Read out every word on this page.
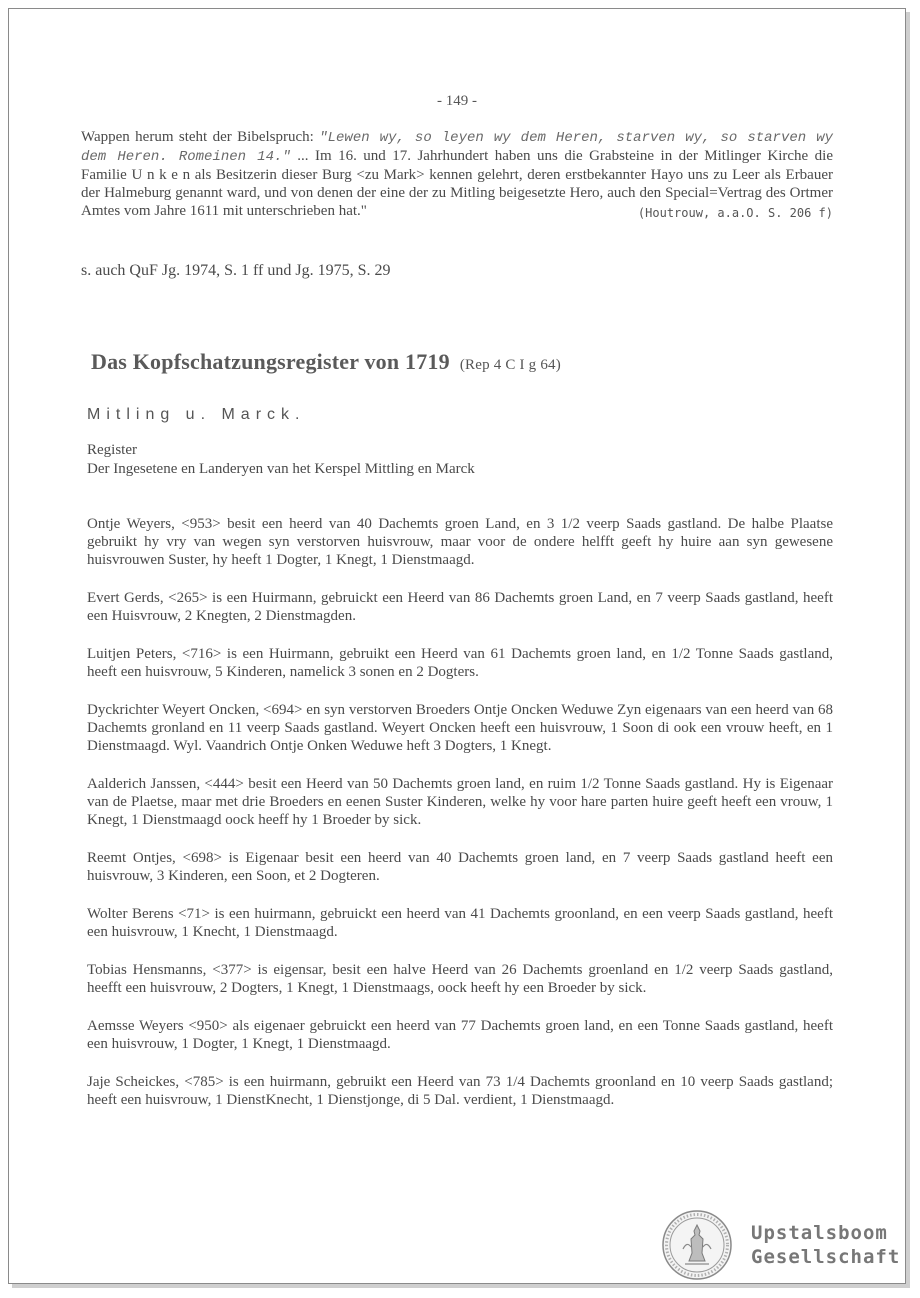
- 149 -
Wappen herum steht der Bibelspruch: "Lewen wy, so leyen wy dem Heren, starven wy, so starven wy dem Heren. Romeinen 14." ... Im 16. und 17. Jahrhundert haben uns die Grabsteine in der Mitlinger Kirche die Familie U n k e n als Besitzerin dieser Burg <zu Mark> kennen gelehrt, deren erstbekannter Hayo uns zu Leer als Erbauer der Halmeburg genannt ward, und von denen der eine der zu Mitling beigesetzte Hero, auch den Special=Vertrag des Ortmer Amtes vom Jahre 1611 mit unterschrieben hat."	(Houtrouw, a.a.O. S. 206 f)
s. auch QuF Jg. 1974, S. 1 ff und Jg. 1975, S. 29
Das Kopfschatzungsregister von 1719 (Rep 4 C I g 64)
Mitling u. Marck.
Register
Der Ingesetene en Landeryen van het Kerspel Mittling en Marck

Ontje Weyers, <953> besit een heerd van 40 Dachemts groen Land, en 3 1/2 veerp Saads gastland. De halbe Plaatse gebruikt hy vry van wegen syn verstorven huisvrouw, maar voor de ondere helfft geeft hy huire aan syn gewesene huisvrouwen Suster, hy heeft 1 Dogter, 1 Knegt, 1 Dienstmaagd.

Evert Gerds, <265> is een Huirmann, gebruickt een Heerd van 86 Dachemts groen Land, en 7 veerp Saads gastland, heeft een Huisvrouw, 2 Knegten, 2 Dienstmagden.

Luitjen Peters, <716> is een Huirmann, gebruikt een Heerd van 61 Dachemts groen land, en 1/2 Tonne Saads gastland, heeft een huisvrouw, 5 Kinderen, namelick 3 sonen en 2 Dogters.

Dyckrichter Weyert Oncken, <694> en syn verstorven Broeders Ontje Oncken Weduwe Zyn eigenaars van een heerd van 68 Dachemts gronland en 11 veerp Saads gastland. Weyert Oncken heeft een huisvrouw, 1 Soon di ook een vrouw heeft, en 1 Dienstmaagd. Wyl. Vaandrich Ontje Onken Weduwe heft 3 Dogters, 1 Knegt.

Aalderich Janssen, <444> besit een Heerd van 50 Dachemts groen land, en ruim 1/2 Tonne Saads gastland. Hy is Eigenaar van de Plaetse, maar met drie Broeders en eenen Suster Kinderen, welke hy voor hare parten huire geeft heeft een vrouw, 1 Knegt, 1 Dienstmaagd oock heeff hy 1 Broeder by sick.

Reemt Ontjes, <698> is Eigenaar besit een heerd van 40 Dachemts groen land, en 7 veerp Saads gastland heeft een huisvrouw, 3 Kinderen, een Soon, et 2 Dogteren.

Wolter Berens <71> is een huirmann, gebruickt een heerd van 41 Dachemts groonland, en een veerp Saads gastland, heeft een huisvrouw, 1 Knecht, 1 Dienstmaagd.

Tobias Hensmanns, <377> is eigensar, besit een halve Heerd van 26 Dachemts groenland en 1/2 veerp Saads gastland, heefft een huisvrouw, 2 Dogters, 1 Knegt, 1 Dienstmaags, oock heeft hy een Broeder by sick.

Aemsse Weyers <950> als eigenaer gebruickt een heerd van 77 Dachemts groen land, en een Tonne Saads gastland, heeft een huisvrouw, 1 Dogter, 1 Knegt, 1 Dienstmaagd.

Jaje Scheickes, <785> is een huirmann, gebruikt een Heerd van 73 1/4 Dachemts groonland en 10 veerp Saads gastland; heeft een huisvrouw, 1 DienstKnecht, 1 Dienstjonge, di 5 Dal. verdient, 1 Dienstmaagd.

Upstalsboom
Gesellschaft
